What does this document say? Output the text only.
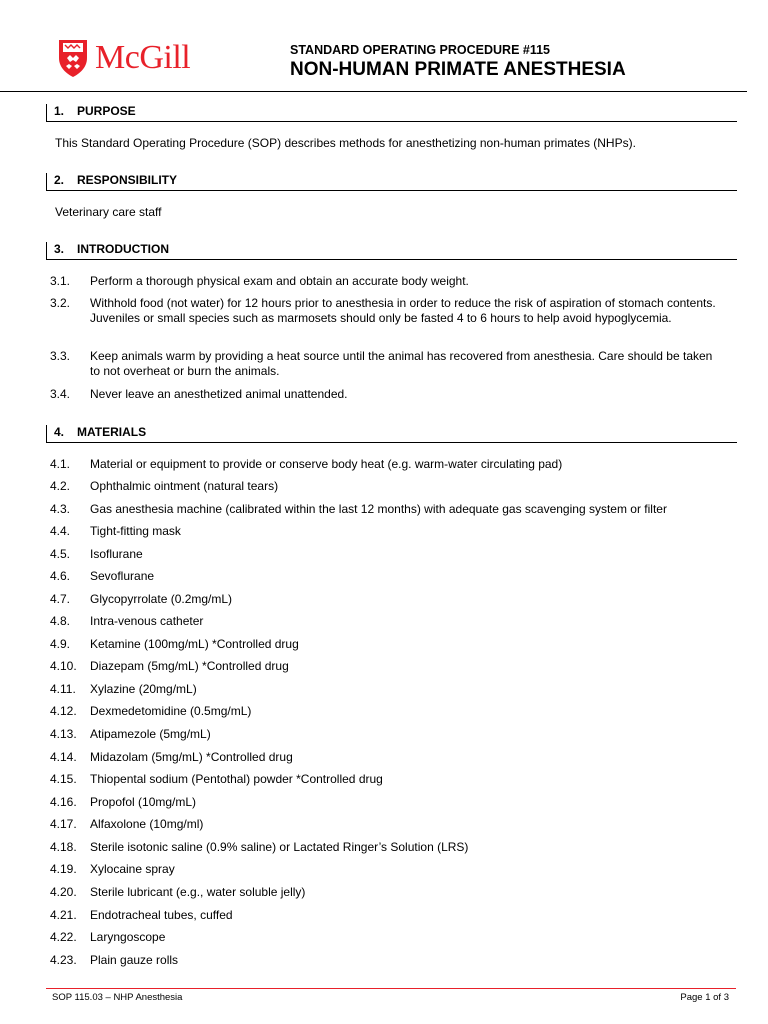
McGill	STANDARD OPERATING PROCEDURE #115
NON-HUMAN PRIMATE ANESTHESIA
1. PURPOSE
This Standard Operating Procedure (SOP) describes methods for anesthetizing non-human primates (NHPs).
2. RESPONSIBILITY
Veterinary care staff
3. INTRODUCTION
3.1. Perform a thorough physical exam and obtain an accurate body weight.
3.2. Withhold food (not water) for 12 hours prior to anesthesia in order to reduce the risk of aspiration of stomach contents. Juveniles or small species such as marmosets should only be fasted 4 to 6 hours to help avoid hypoglycemia.
3.3. Keep animals warm by providing a heat source until the animal has recovered from anesthesia. Care should be taken to not overheat or burn the animals.
3.4. Never leave an anesthetized animal unattended.
4. MATERIALS
4.1. Material or equipment to provide or conserve body heat (e.g. warm-water circulating pad)
4.2. Ophthalmic ointment (natural tears)
4.3. Gas anesthesia machine (calibrated within the last 12 months) with adequate gas scavenging system or filter
4.4. Tight-fitting mask
4.5. Isoflurane
4.6. Sevoflurane
4.7. Glycopyrrolate (0.2mg/mL)
4.8. Intra-venous catheter
4.9. Ketamine (100mg/mL) *Controlled drug
4.10. Diazepam (5mg/mL) *Controlled drug
4.11. Xylazine (20mg/mL)
4.12. Dexmedetomidine (0.5mg/mL)
4.13. Atipamezole (5mg/mL)
4.14. Midazolam (5mg/mL) *Controlled drug
4.15. Thiopental sodium (Pentothal) powder *Controlled drug
4.16. Propofol (10mg/mL)
4.17. Alfaxolone (10mg/ml)
4.18. Sterile isotonic saline (0.9% saline) or Lactated Ringer’s Solution (LRS)
4.19. Xylocaine spray
4.20. Sterile lubricant (e.g., water soluble jelly)
4.21. Endotracheal tubes, cuffed
4.22. Laryngoscope
4.23. Plain gauze rolls
SOP 115.03 – NHP Anesthesia	Page 1 of 3
